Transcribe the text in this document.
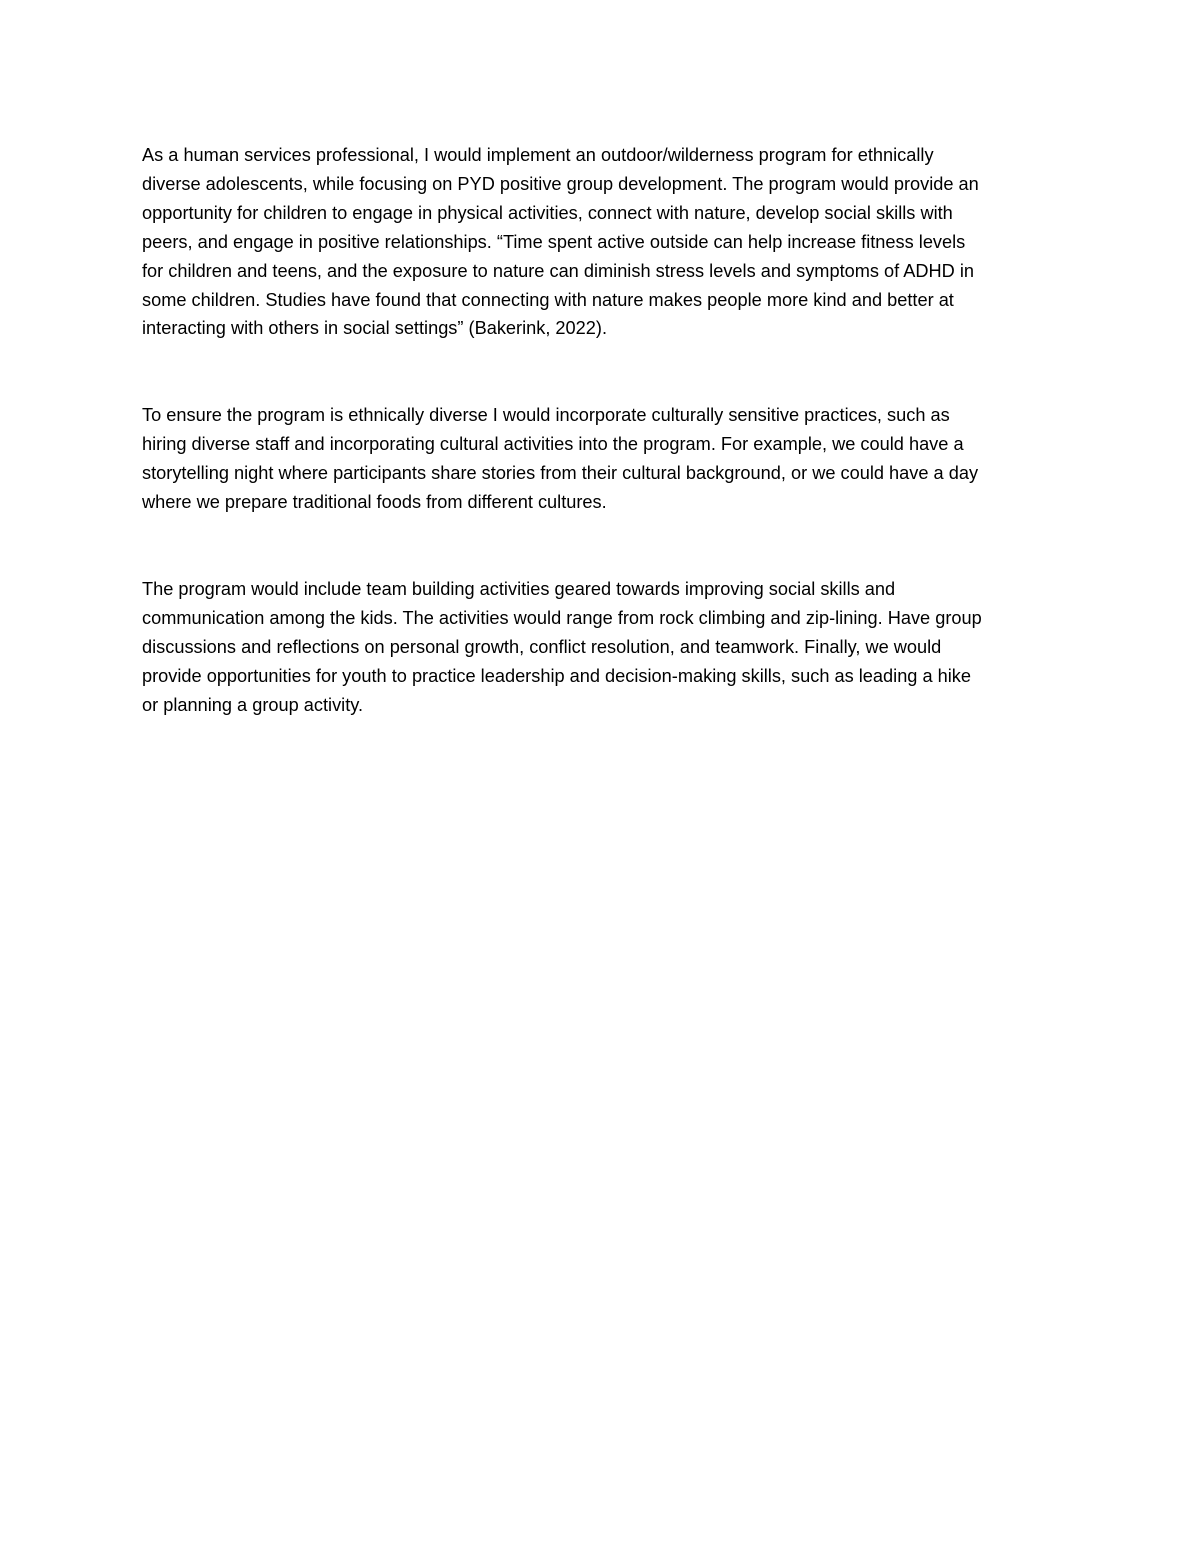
As a human services professional, I would implement an outdoor/wilderness program for ethnically
diverse adolescents, while focusing on PYD positive group development. The program would provide an
opportunity for children to engage in physical activities, connect with nature, develop social skills with
peers, and engage in positive relationships. “Time spent active outside can help increase fitness levels
for children and teens, and the exposure to nature can diminish stress levels and symptoms of ADHD in
some children. Studies have found that connecting with nature makes people more kind and better at
interacting with others in social settings” (Bakerink, 2022).

To ensure the program is ethnically diverse I would incorporate culturally sensitive practices, such as
hiring diverse staff and incorporating cultural activities into the program. For example, we could have a
storytelling night where participants share stories from their cultural background, or we could have a day
where we prepare traditional foods from different cultures.

The program would include team building activities geared towards improving social skills and
communication among the kids. The activities would range from rock climbing and zip-lining. Have group
discussions and reflections on personal growth, conflict resolution, and teamwork. Finally, we would
provide opportunities for youth to practice leadership and decision-making skills, such as leading a hike
or planning a group activity.
